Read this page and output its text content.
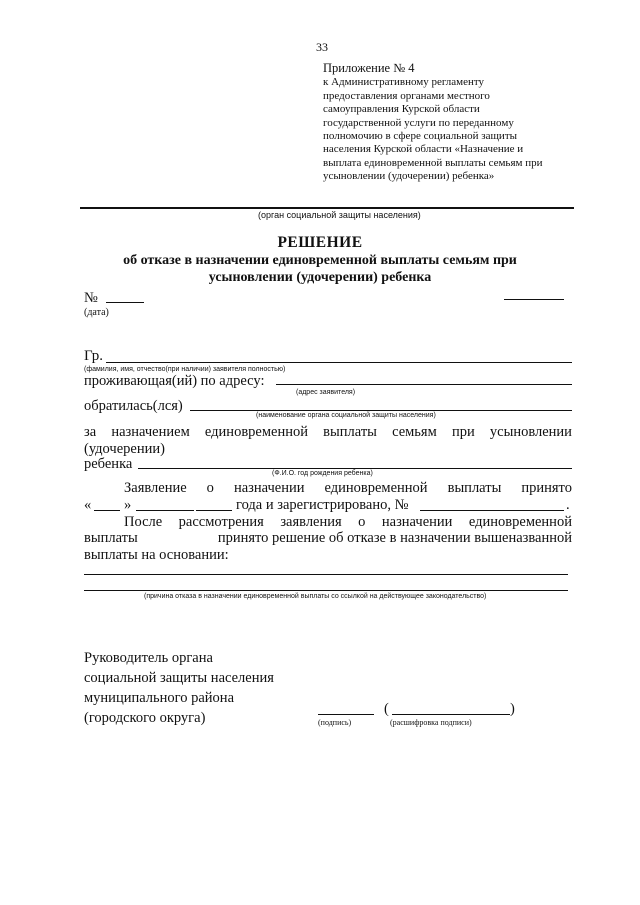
33
Приложение № 4
к Административному регламенту
предоставления органами местного
самоуправления Курской области
государственной услуги по переданному
полномочию в сфере социальной защиты
населения Курской области «Назначение и
выплата единовременной выплаты семьям при
усыновлении (удочерении) ребенка»
(орган социальной защиты населения)
РЕШЕНИЕ
об отказе в назначении единовременной выплаты семьям при
усыновлении (удочерении) ребенка
№
(дата)
Гр.
(фамилия, имя, отчество(при наличии) заявителя полностью)
проживающая(ий) по адресу:
(адрес заявителя)
обратилась(лся)
(наименование органа социальной защиты населения)
за назначением единовременной выплаты семьям при усыновлении
(удочерении)
ребенка
(Ф.И.О. год рождения ребенка)
Заявление о назначении единовременной выплаты принято
« »	года и зарегистрировано, №	.
После рассмотрения заявления о назначении единовременной
выплаты	принято решение об отказе в назначении вышеназванной
выплаты на основании:
(причина отказа в назначении единовременной выплаты со ссылкой на действующее законодательство)
Руководитель органа
социальной защиты населения
муниципального района
(городского округа)
(	)
(подпись)	(расшифровка подписи)
